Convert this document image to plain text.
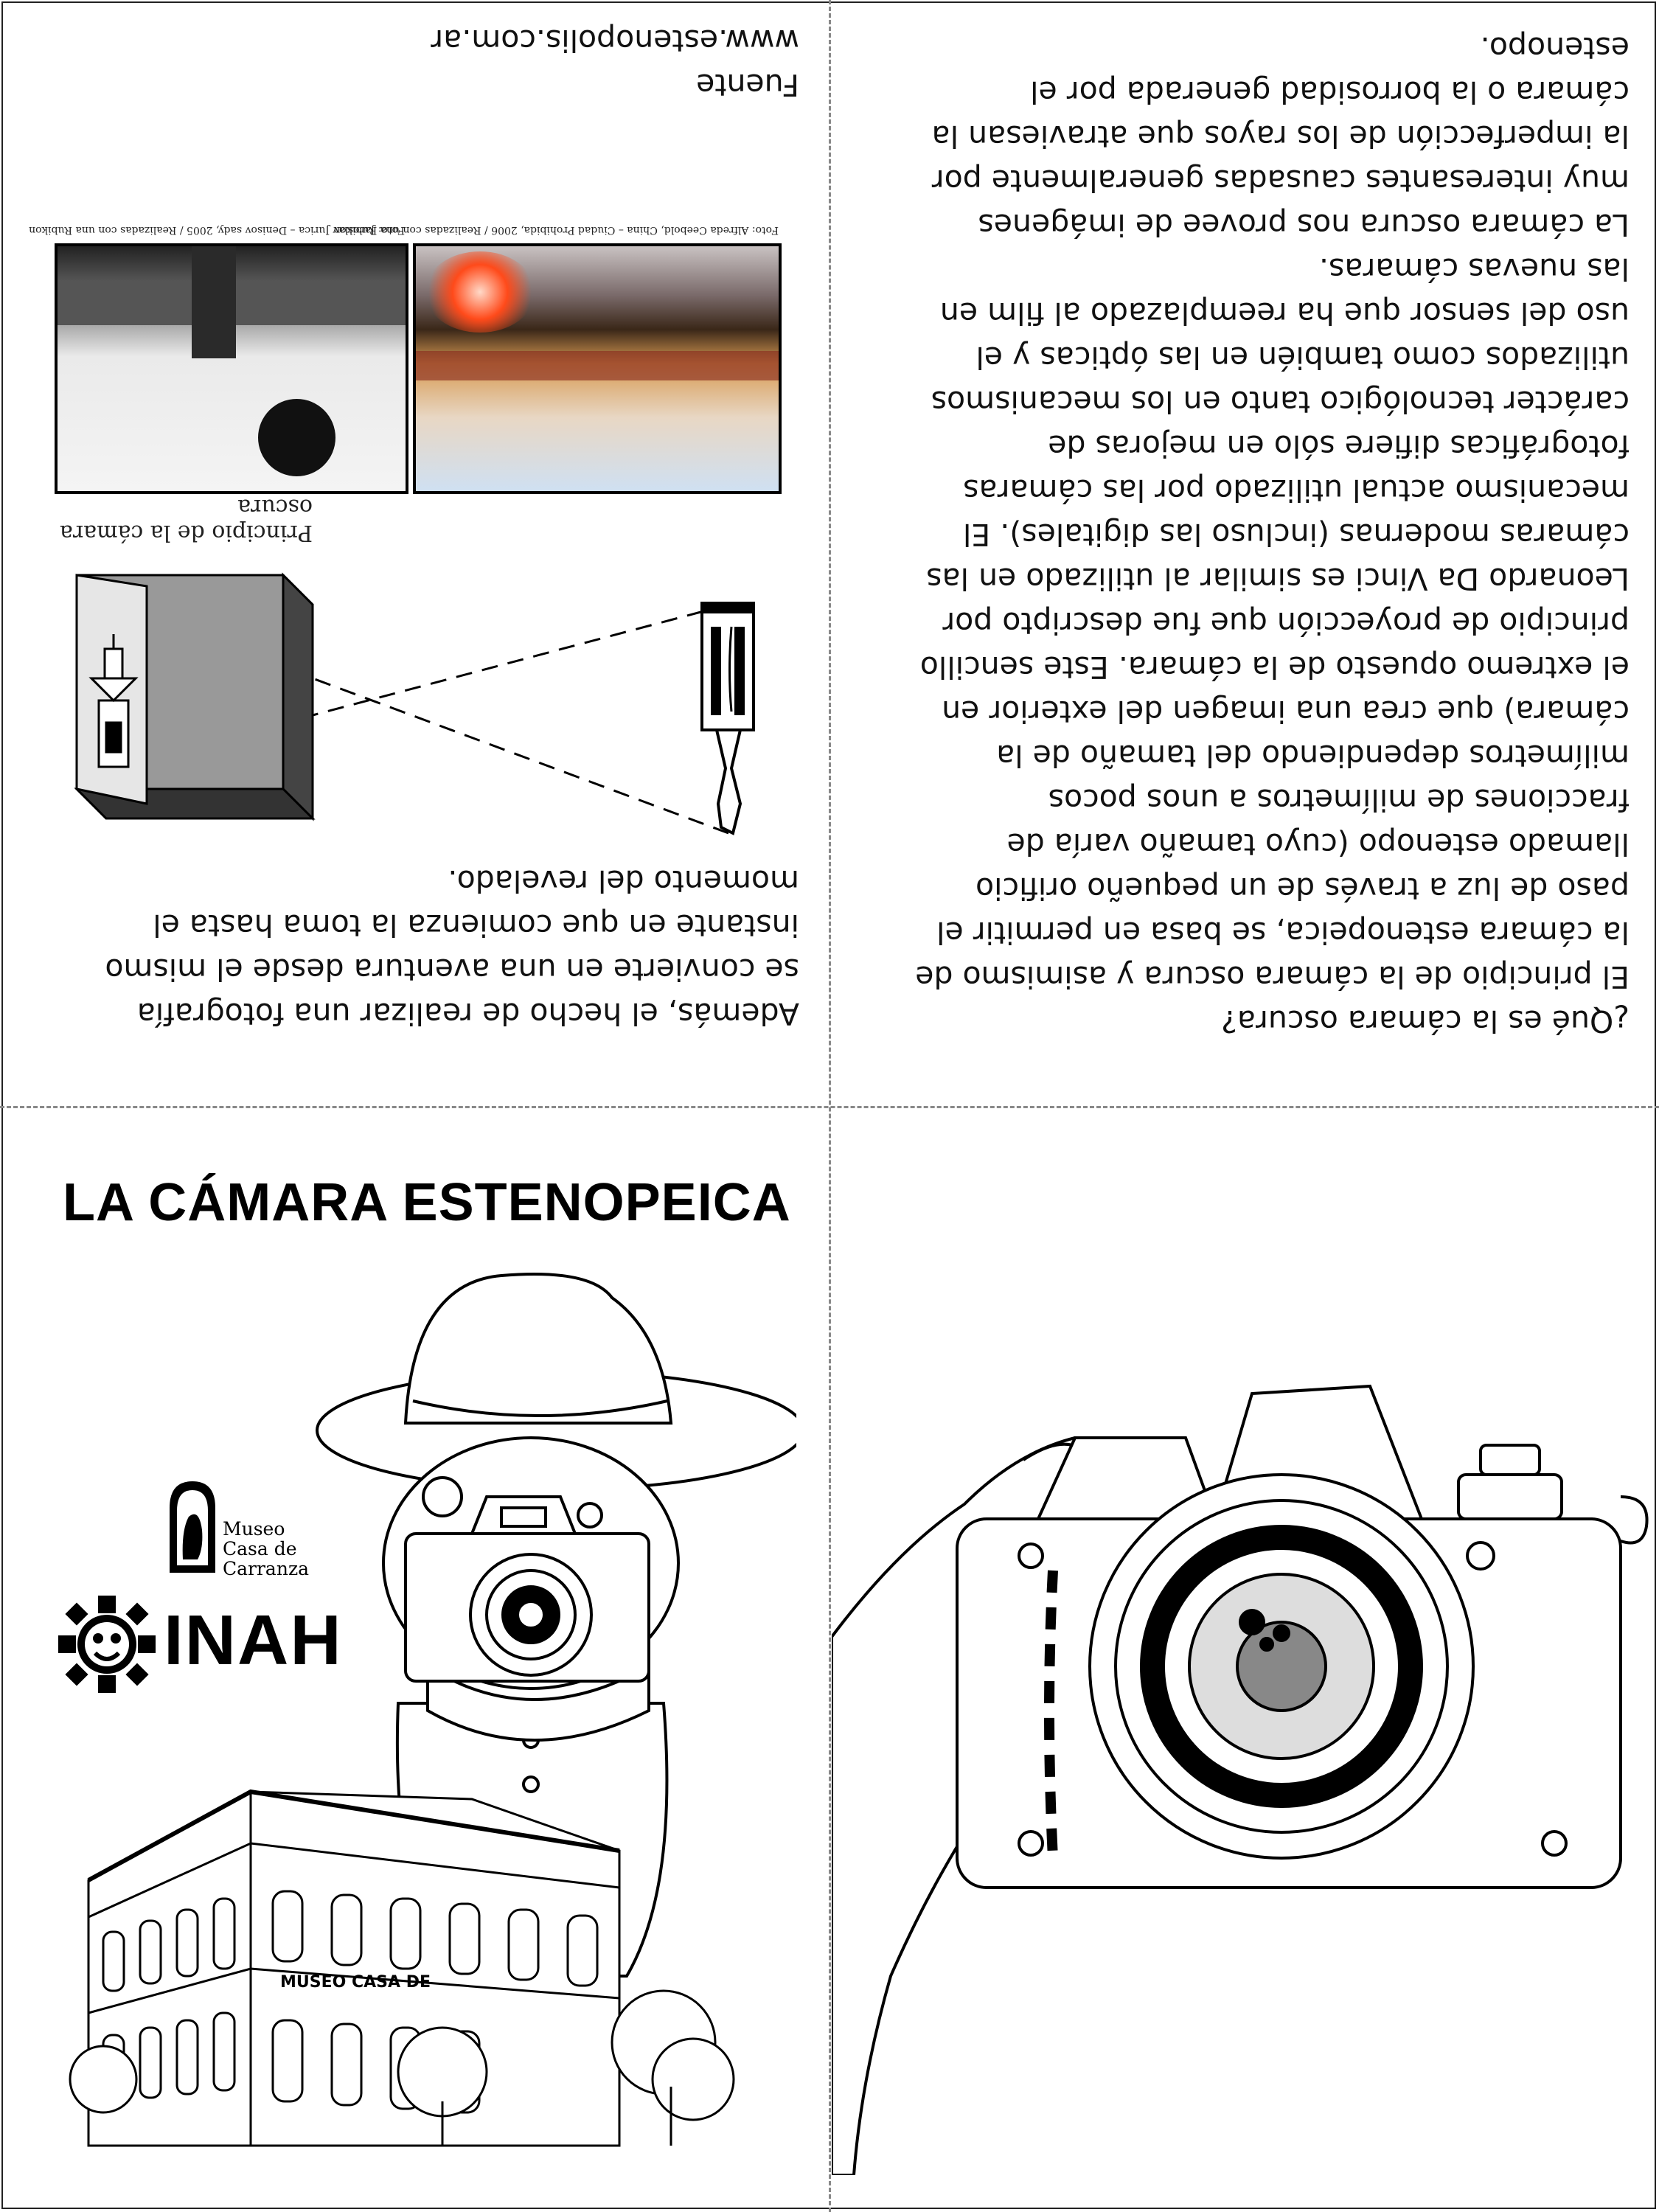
¿Qué es la cámara oscura?
El principio de la cámara oscura y asimismo de
la cámara estenopeica, se basa en permitir el
paso de luz a través de un pequeño orificio
llamado estenopo (cuyo tamaño varía de
fracciones de milímetros a unos pocos
milímetros dependiendo del tamaño de la
cámara) que crea una imagen del exterior en
el extremo opuesto de la cámara. Este sencillo
principio de proyección que fue descripto por
Leonardo Da Vinci es similar al utilizado en las
cámaras modernas (incluso las digitales). El
mecanismo actual utilizado por las cámaras
fotográficas difiere sólo en mejoras de
carácter tecnológico tanto en los mecanismos
utilizados como también en las ópticas y el
uso del sensor que ha reemplazado al film en
las nuevas cámaras.
La cámara oscura nos provee de imágenes
muy interesantes causadas generalmente por
la imperfección de los rayos que atraviesan la
cámara o la borrosidad generada por el
estenopo.

Además, el hecho de realizar una fotografía
se convierte en una aventura desde el mismo
instante en que comienza la toma hasta el
momento del revelado.

Principio de la cámara oscura
Foto: Jaroslav Jurica – Denisov sady, 2005 / Realizadas con una Rubikon
Foto: Alfreda Ceebold, China – Ciudad Prohibida, 2006 / Realizadas con una Rubikon
Fuente
www.estenopolis.com.ar
LA CÁMARA ESTENOPEICA
Museo
Casa de
Carranza
INAH
MUSEO CASA DE
